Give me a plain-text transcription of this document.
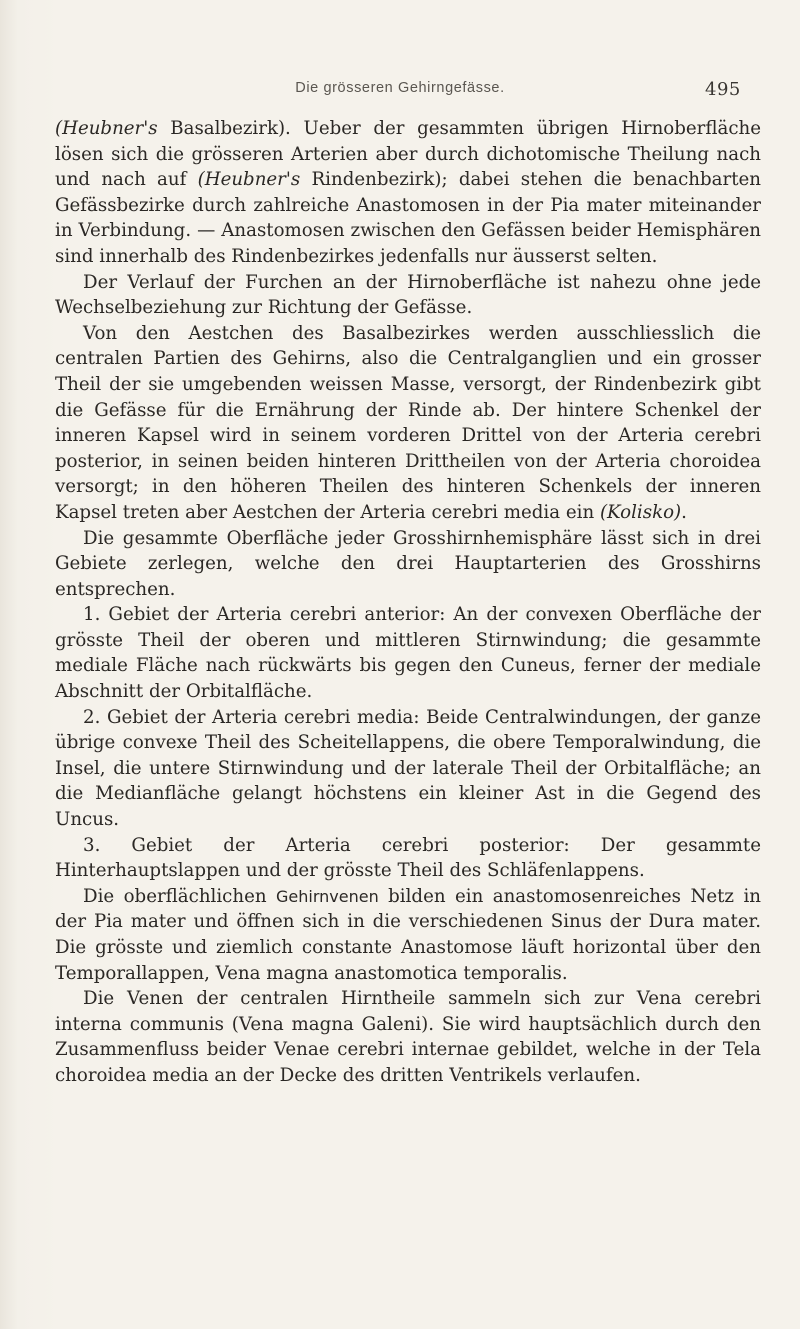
Die grösseren Gehirngefässe.	495

(Heubner's Basalbezirk). Ueber der gesammten übrigen Hirnoberfläche lösen sich die grösseren Arterien aber durch dichotomische Theilung nach und nach auf (Heubner's Rindenbezirk); dabei stehen die benachbarten Gefässbezirke durch zahlreiche Anastomosen in der Pia mater miteinander in Verbindung. — Anastomosen zwischen den Gefässen beider Hemisphären sind innerhalb des Rindenbezirkes jedenfalls nur äusserst selten.

Der Verlauf der Furchen an der Hirnoberfläche ist nahezu ohne jede Wechselbeziehung zur Richtung der Gefässe.

Von den Aestchen des Basalbezirkes werden ausschliesslich die centralen Partien des Gehirns, also die Centralganglien und ein grosser Theil der sie umgebenden weissen Masse, versorgt, der Rindenbezirk gibt die Gefässe für die Ernährung der Rinde ab. Der hintere Schenkel der inneren Kapsel wird in seinem vorderen Drittel von der Arteria cerebri posterior, in seinen beiden hinteren Drittheilen von der Arteria choroidea versorgt; in den höheren Theilen des hinteren Schenkels der inneren Kapsel treten aber Aestchen der Arteria cerebri media ein (Kolisko).

Die gesammte Oberfläche jeder Grosshirnhemisphäre lässt sich in drei Gebiete zerlegen, welche den drei Hauptarterien des Grosshirns entsprechen.

1. Gebiet der Arteria cerebri anterior: An der convexen Oberfläche der grösste Theil der oberen und mittleren Stirnwindung; die gesammte mediale Fläche nach rückwärts bis gegen den Cuneus, ferner der mediale Abschnitt der Orbitalfläche.

2. Gebiet der Arteria cerebri media: Beide Centralwindungen, der ganze übrige convexe Theil des Scheitellappens, die obere Temporalwindung, die Insel, die untere Stirnwindung und der laterale Theil der Orbitalfläche; an die Medianfläche gelangt höchstens ein kleiner Ast in die Gegend des Uncus.

3. Gebiet der Arteria cerebri posterior: Der gesammte Hinterhauptslappen und der grösste Theil des Schläfenlappens.

Die oberflächlichen Gehirnvenen bilden ein anastomosenreiches Netz in der Pia mater und öffnen sich in die verschiedenen Sinus der Dura mater. Die grösste und ziemlich constante Anastomose läuft horizontal über den Temporallappen, Vena magna anastomotica temporalis.

Die Venen der centralen Hirntheile sammeln sich zur Vena cerebri interna communis (Vena magna Galeni). Sie wird hauptsächlich durch den Zusammenfluss beider Venae cerebri internae gebildet, welche in der Tela choroidea media an der Decke des dritten Ventrikels verlaufen.
